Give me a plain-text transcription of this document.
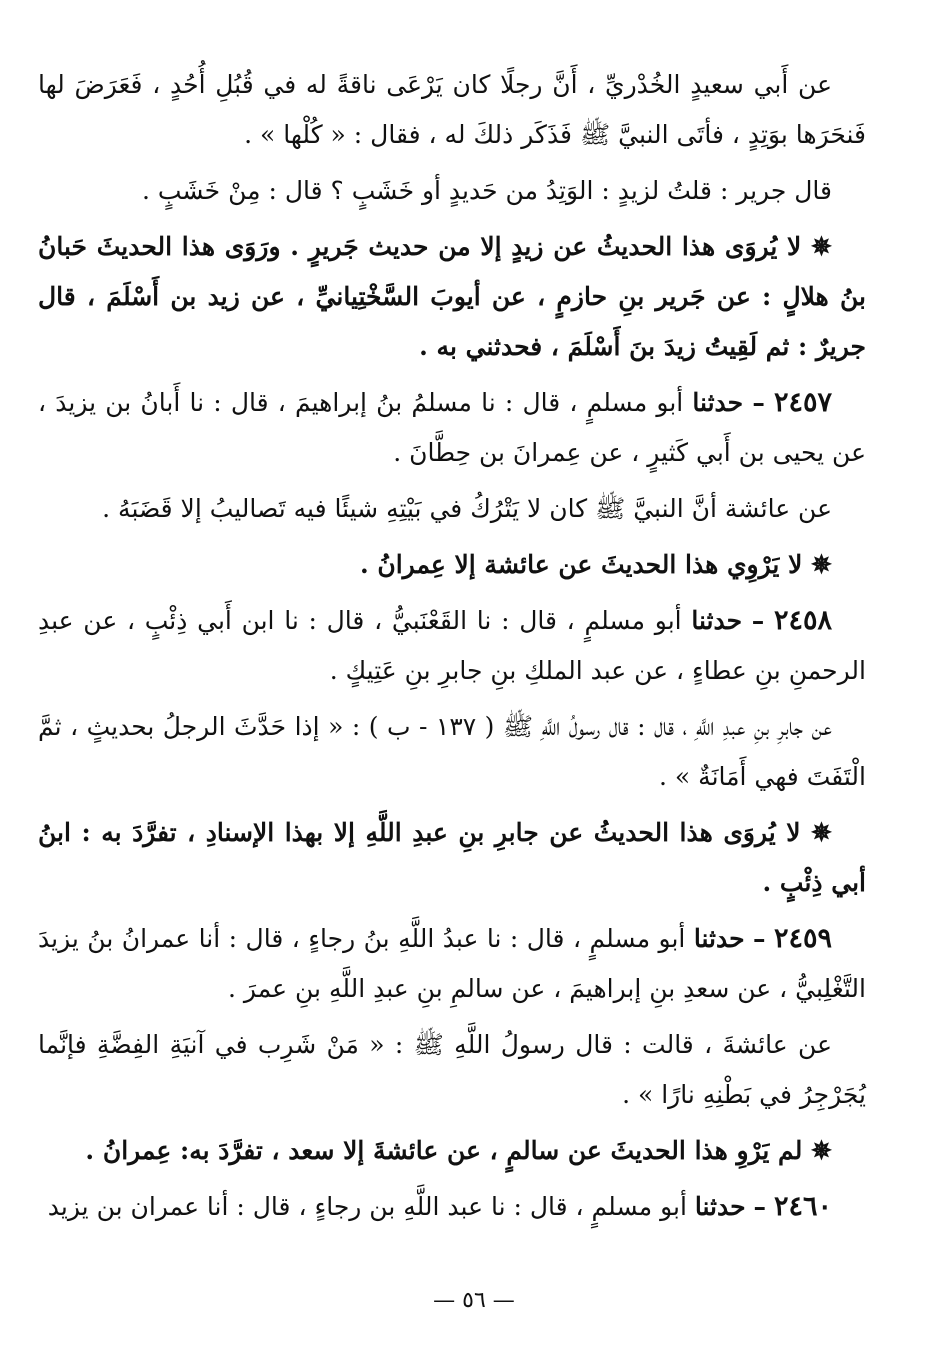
عن أَبي سعيدٍ الخُدْريِّ ، أَنَّ رجلًا كان يَرْعَى ناقةً له في قُبُلِ أُحُدٍ ، فَعَرَضَ لها فَنحَرَها بوَتِدٍ ، فأتَى النبيَّ ﷺ فَذَكَر ذلكَ له ، فقال : « كُلْها » .

قال جرير : قلتُ لزيدٍ : الوَتِدُ من حَديدٍ أو خَشَبٍ ؟ قال : مِنْ خَشَبٍ .

✵ لا يُروَى هذا الحديثُ عن زيدٍ إلا من حديث جَريرٍ . ورَوَى هذا الحديثَ حَبانُ بنُ هلالٍ : عن جَرير بنِ حازمٍ ، عن أيوبَ السَّخْتِيانيِّ ، عن زيد بن أَسْلَمَ ، قال جريرٌ : ثم لَقِيتُ زيدَ بنَ أَسْلَمَ ، فحدثني به .

٢٤٥٧ – حدثنا أبو مسلمٍ ، قال : نا مسلمُ بنُ إبراهيمَ ، قال : نا أَبانُ بن يزيدَ ، عن يحيى بن أَبي كَثيرٍ ، عن عِمرانَ بن حِطَّانَ .

عن عائشة أنَّ النبيَّ ﷺ كان لا يَتْرُكُ في بَيْتِهِ شيئًا فيه تَصاليبُ إلا قَضَبَهُ .

✵ لا يَرْوِي هذا الحديثَ عن عائشة إلا عِمرانُ .

٢٤٥٨ – حدثنا أبو مسلمٍ ، قال : نا القَعْنَبيُّ ، قال : نا ابن أَبي ذِئْبٍ ، عن عبدِ الرحمنِ بنِ عطاءٍ ، عن عبد الملكِ بنِ جابرِ بنِ عَتِيكٍ .

عن جابرِ بنِ عبدِ اللَّهِ ، قال : قال رسولُ اللَّهِ ﷺ ( ١٣٧ - ب ) : « إذا حَدَّثَ الرجلُ بحديثٍ ، ثمَّ الْتَفَتَ فهي أَمَانَةٌ » .

✵ لا يُروَى هذا الحديثُ عن جابرِ بنِ عبدِ اللَّهِ إلا بهذا الإسنادِ ، تفرَّدَ به : ابنُ أبي ذِئْبٍ .

٢٤٥٩ – حدثنا أبو مسلمٍ ، قال : نا عبدُ اللَّهِ بنُ رجاءٍ ، قال : أنا عمرانُ بنُ يزيدَ التَّغْلِبيُّ ، عن سعدِ بنِ إبراهيمَ ، عن سالمِ بنِ عبدِ اللَّهِ بنِ عمرَ .

عن عائشةَ ، قالت : قال رسولُ اللَّهِ ﷺ : « مَنْ شَرِب في آنيَةِ الفِضَّةِ فإنَّما يُجَرْجِرُ في بَطْنِهِ نارًا » .

✵ لم يَرْوِ هذا الحديثَ عن سالمٍ ، عن عائشةَ إلا سعد ، تفرَّدَ به: عِمرانُ .

٢٤٦٠ – حدثنا أبو مسلمٍ ، قال : نا عبد اللَّهِ بن رجاءٍ ، قال : أنا عمران بن يزيد

— ٥٦ —
